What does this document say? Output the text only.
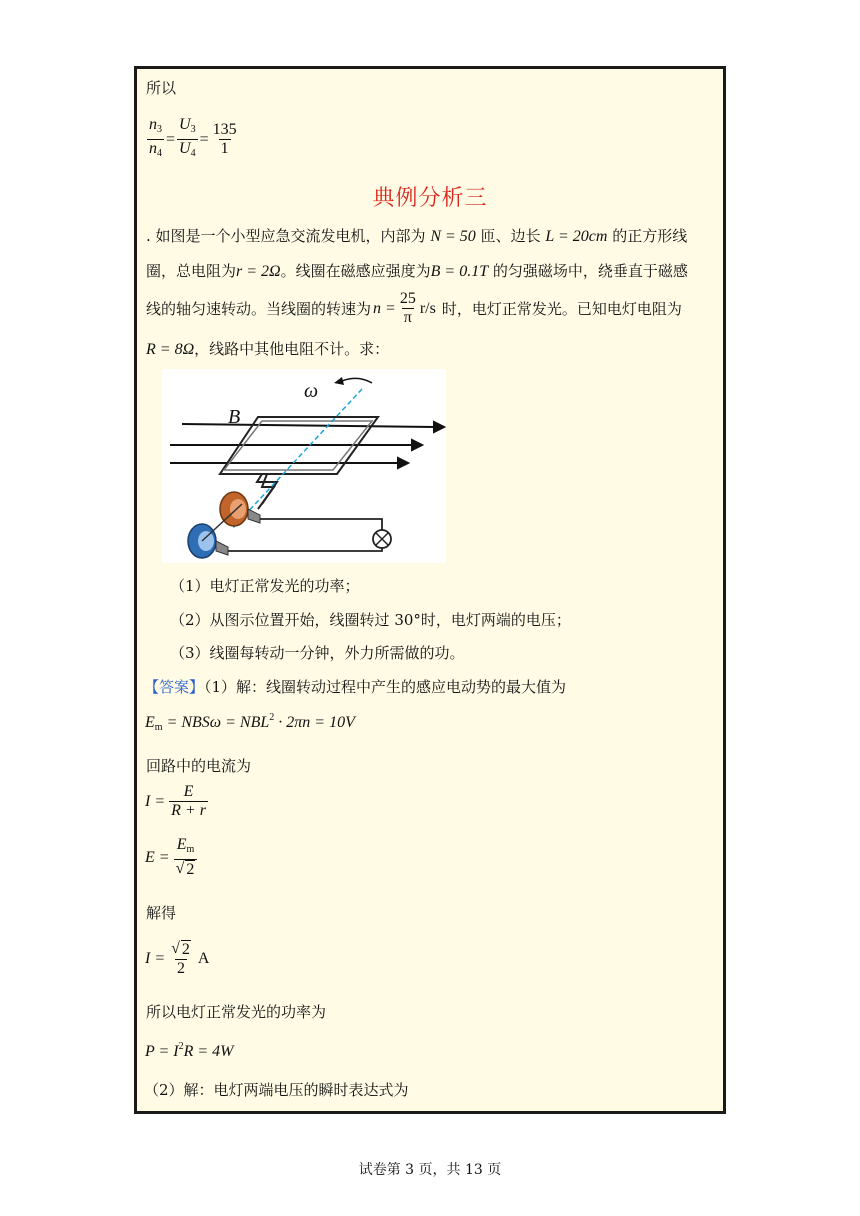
所以
$\frac{n_3}{n_4} = \frac{U_3}{U_4} = \frac{135}{1}$
典例分析三
. 如图是一个小型应急交流发电机，内部为 N = 50 匝、边长 L = 20cm 的正方形线
圈，总电阻为r = 2Ω。线圈在磁感应强度为B = 0.1T 的匀强磁场中，绕垂直于磁感
线的轴匀速转动。当线圈的转速为 $n = \frac{25}{\pi} r/s$ 时，电灯正常发光。已知电灯电阻为
R = 8Ω，线路中其他电阻不计。求：
ω
B
（1）电灯正常发光的功率；
（2）从图示位置开始，线圈转过 30°时，电灯两端的电压；
（3）线圈每转动一分钟，外力所需做的功。
【答案】（1）解：线圈转动过程中产生的感应电动势的最大值为
$E_m = NBS\omega = NBL^2 \cdot 2\pi n = 10V$
回路中的电流为
$I = \frac{E}{R + r}$
$E = \frac{E_m}{√ 2}$
解得
$I = \frac{√ 2}{2}$ A
所以电灯正常发光的功率为
$P = I^2R = 4W$
（2）解：电灯两端电压的瞬时表达式为
试卷第 3 页，共 13 页
